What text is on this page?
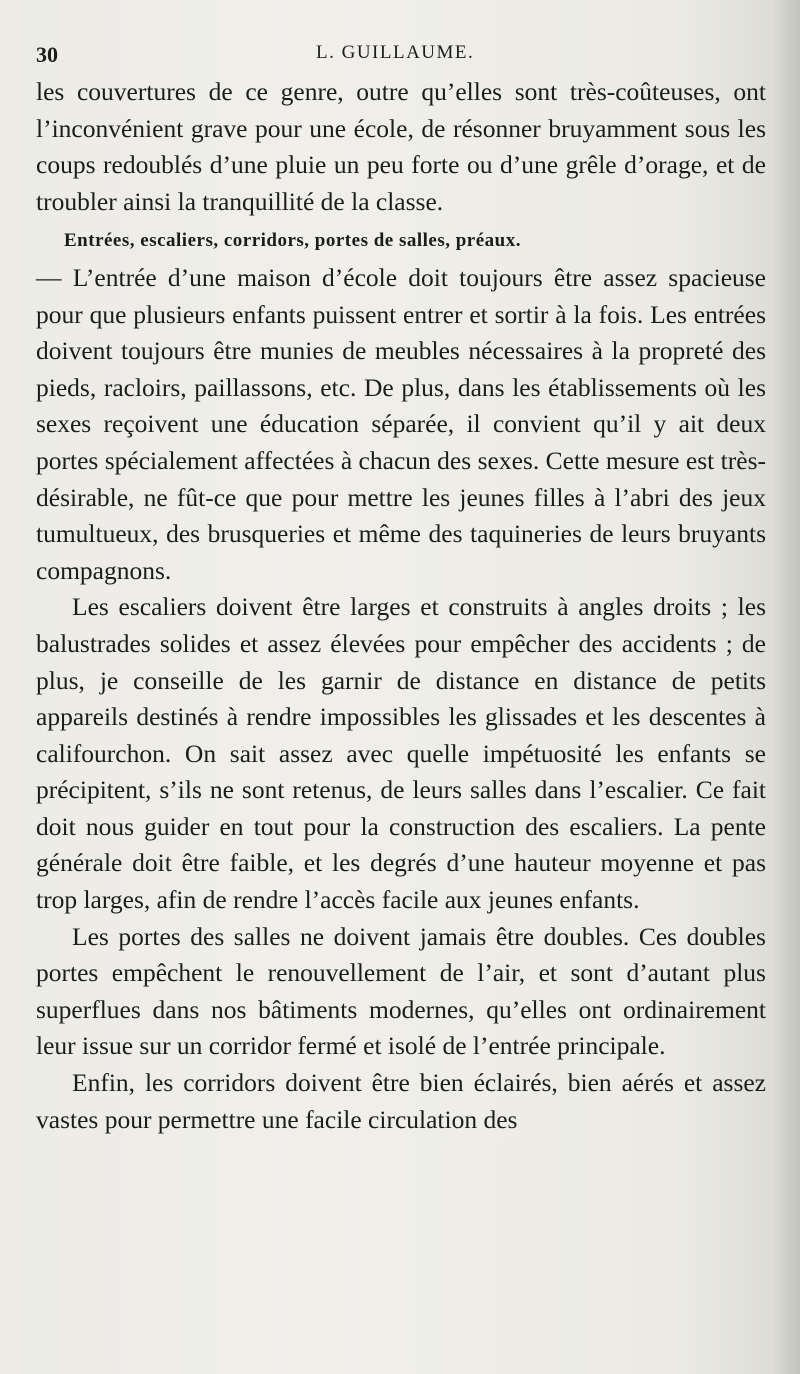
30	L. GUILLAUME.

les couvertures de ce genre, outre qu’elles sont très-coûteuses, ont l’inconvénient grave pour une école, de résonner bruyamment sous les coups redoublés d’une pluie un peu forte ou d’une grêle d’orage, et de troubler ainsi la tranquillité de la classe.

Entrées, escaliers, corridors, portes de salles, préaux.

— L’entrée d’une maison d’école doit toujours être assez spacieuse pour que plusieurs enfants puissent entrer et sortir à la fois. Les entrées doivent toujours être munies de meubles nécessaires à la propreté des pieds, racloirs, paillassons, etc. De plus, dans les établissements où les sexes reçoivent une éducation séparée, il convient qu’il y ait deux portes spécialement affectées à chacun des sexes. Cette mesure est très-désirable, ne fût-ce que pour mettre les jeunes filles à l’abri des jeux tumultueux, des brusqueries et même des taquineries de leurs bruyants compagnons.

Les escaliers doivent être larges et construits à angles droits ; les balustrades solides et assez élevées pour empêcher des accidents ; de plus, je conseille de les garnir de distance en distance de petits appareils destinés à rendre impossibles les glissades et les descentes à califourchon. On sait assez avec quelle impétuosité les enfants se précipitent, s’ils ne sont retenus, de leurs salles dans l’escalier. Ce fait doit nous guider en tout pour la construction des escaliers. La pente générale doit être faible, et les degrés d’une hauteur moyenne et pas trop larges, afin de rendre l’accès facile aux jeunes enfants.

Les portes des salles ne doivent jamais être doubles. Ces doubles portes empêchent le renouvellement de l’air, et sont d’autant plus superflues dans nos bâtiments modernes, qu’elles ont ordinairement leur issue sur un corridor fermé et isolé de l’entrée principale.

Enfin, les corridors doivent être bien éclairés, bien aérés et assez vastes pour permettre une facile circulation des
